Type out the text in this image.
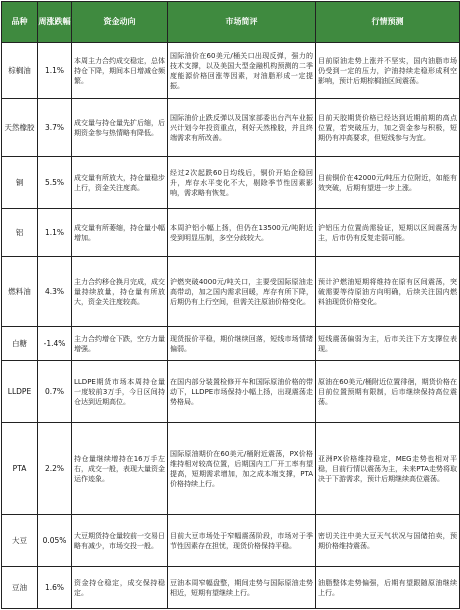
品种	周涨跌幅	资金动向	市场简评	行情预测
棕榈油	1.1%	本周主力合约成交稳定，总体持仓下降，期间本日增减仓频繁。	国际油价在60美元/桶关口出现反弹，强力的技术支撑，以及美国大型金融机构预测的二季度能源价格回涨等因素，对油脂形成一定提振。	目前原油走势上涨并不坚实，国内油脂市场仍受到一定的压力，沪油持续走稳形成利空影响，预计后期棕榈油区间震荡。
天然橡胶	3.7%	成交量与持仓量先扩后缩，后期资金参与热情略有降低。	国际油价止跌反弹以及国家部委出台汽车业振兴计划今年投资重点，利好天然橡胶，并且终端需求有所改善。	目前天胶期货价格已经达到近期前期的高点位置，若突破压力，加之资金参与积极，短期仍有冲高要求，但短线参与为宜。
铜	5.5%	成交量有所放大，持仓量稳步上行，资金关注度高。	经过2次起跌60日均线后，铜价开始企稳回升，库存水平变化不大，剔除季节性因素影响，需求略有恢复。	目前铜价在42000元/吨压力位附近，如能有效突破，后期有望进一步上涨。
铝	1.1%	成交量有所萎缩，持仓量小幅增加。	本周沪铝小幅上扬，但仍在13500元/吨附近受到明显压制，多空分歧较大。	沪铝压力位置尚需验证，短期以区间震荡为主，后市仍有反复走弱可能。
燃料油	4.3%	主力合约移仓换月完成，成交量持续放量，持仓量有所放大，资金关注度较高。	沪燃突破4000元/吨关口，主要受国际原油走高带动，加之国内需求回暖，库存有所下降，后期仍有上行空间，但需关注原油价格变化。	预计沪燃油短期将维持在原有区间震荡，突破需要等待原油方向明确，后续关注国内燃料油现货价格变化。
白糖	-1.4%	主力合约增仓下跌，空方力量增强。	现货报价平稳，期价继续回落，短线市场情绪偏弱。	短线震荡偏弱为主，后市关注下方支撑位表现。
LLDPE	0.7%	LLDPE期货市场本周持仓量一度较前3万手，今日区间持仓达到近期高位。	在国内部分装置检修开车和国际原油价格的带动下，LLDPE市场保持小幅上扬，出现震荡走势格局。	原油在60美元/桶附近位置徘徊，期货价格在目前位置预期有限制，后市继续保持高位震荡。
PTA	2.2%	持仓量继续增持在16万手左右，成交一般，表现大量资金运作迹象。	国际原油期价在60美元/桶附近震荡，PX价格维持相对较高位置，后期国内工厂开工率有望提高，短期需求增加，加之成本端支撑，PTA价格持续上行。	亚洲PX价格维持稳定，MEG走势也相对平稳，目前行情以震荡为主，未来PTA走势将取决于下游需求，预计后期继续高位震荡。
大豆	0.05%	大豆期货持仓量较前一交易日略有减少，市场交投一般。	目前大豆市场处于窄幅震荡阶段，市场对于季节性因素存在担忧，现货价格保持平稳。	密切关注中美大豆天气状况与国储拍卖，预期价格维持震荡。
豆油	1.6%	资金持仓稳定，成交保持稳定。	豆油本周窄幅盘整，期间走势与国际原油走势相近，短期有望继续上行。	油脂整体走势偏强，后期有望跟随原油继续上行。
